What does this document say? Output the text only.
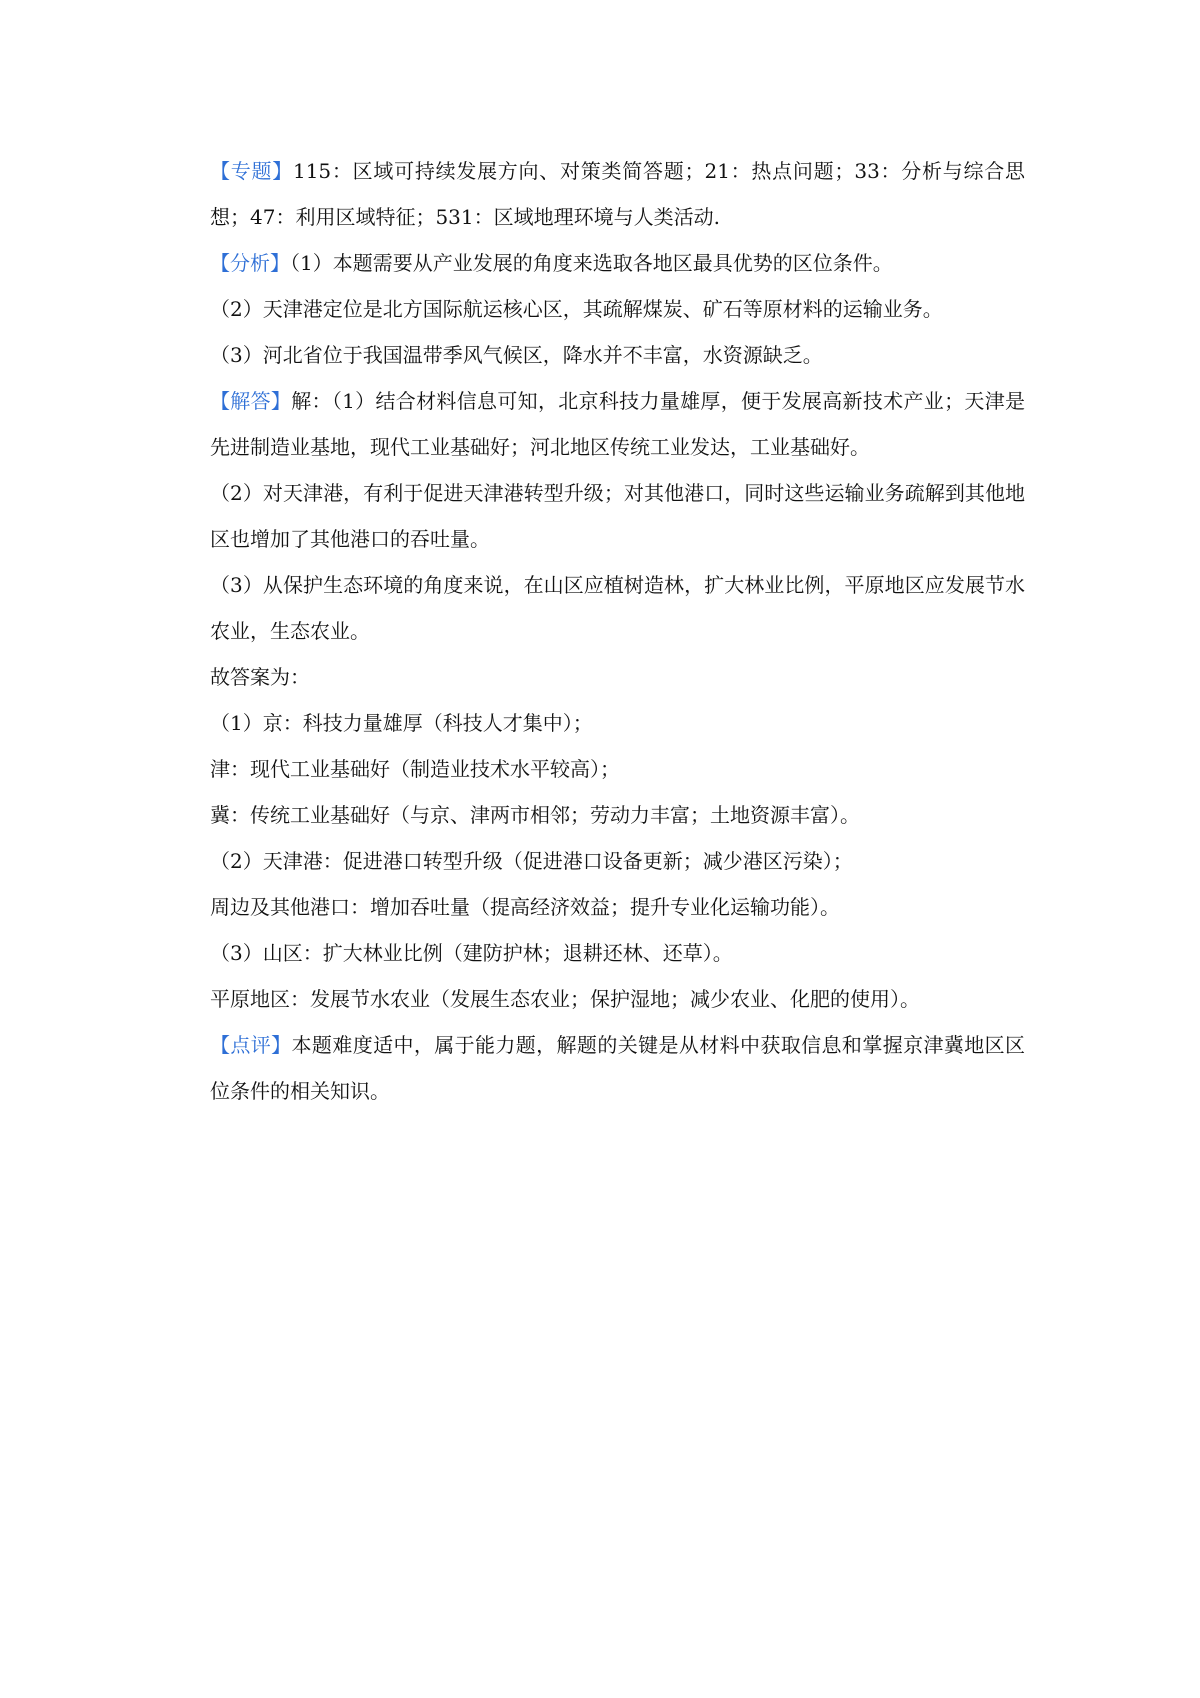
【专题】115：区域可持续发展方向、对策类简答题；21：热点问题；33：分析与综合思想；47：利用区域特征；531：区域地理环境与人类活动.

【分析】（1）本题需要从产业发展的角度来选取各地区最具优势的区位条件。

（2）天津港定位是北方国际航运核心区，其疏解煤炭、矿石等原材料的运输业务。

（3）河北省位于我国温带季风气候区，降水并不丰富，水资源缺乏。

【解答】解：（1）结合材料信息可知，北京科技力量雄厚，便于发展高新技术产业；天津是先进制造业基地，现代工业基础好；河北地区传统工业发达，工业基础好。

（2）对天津港，有利于促进天津港转型升级；对其他港口，同时这些运输业务疏解到其他地区也增加了其他港口的吞吐量。

（3）从保护生态环境的角度来说，在山区应植树造林，扩大林业比例，平原地区应发展节水农业，生态农业。

故答案为：

（1）京：科技力量雄厚（科技人才集中）；

津：现代工业基础好（制造业技术水平较高）；

冀：传统工业基础好（与京、津两市相邻；劳动力丰富；土地资源丰富）。

（2）天津港：促进港口转型升级（促进港口设备更新；减少港区污染）；

周边及其他港口：增加吞吐量（提高经济效益；提升专业化运输功能）。

（3）山区：扩大林业比例（建防护林；退耕还林、还草）。

平原地区：发展节水农业（发展生态农业；保护湿地；减少农业、化肥的使用）。

【点评】本题难度适中，属于能力题，解题的关键是从材料中获取信息和掌握京津冀地区区位条件的相关知识。
